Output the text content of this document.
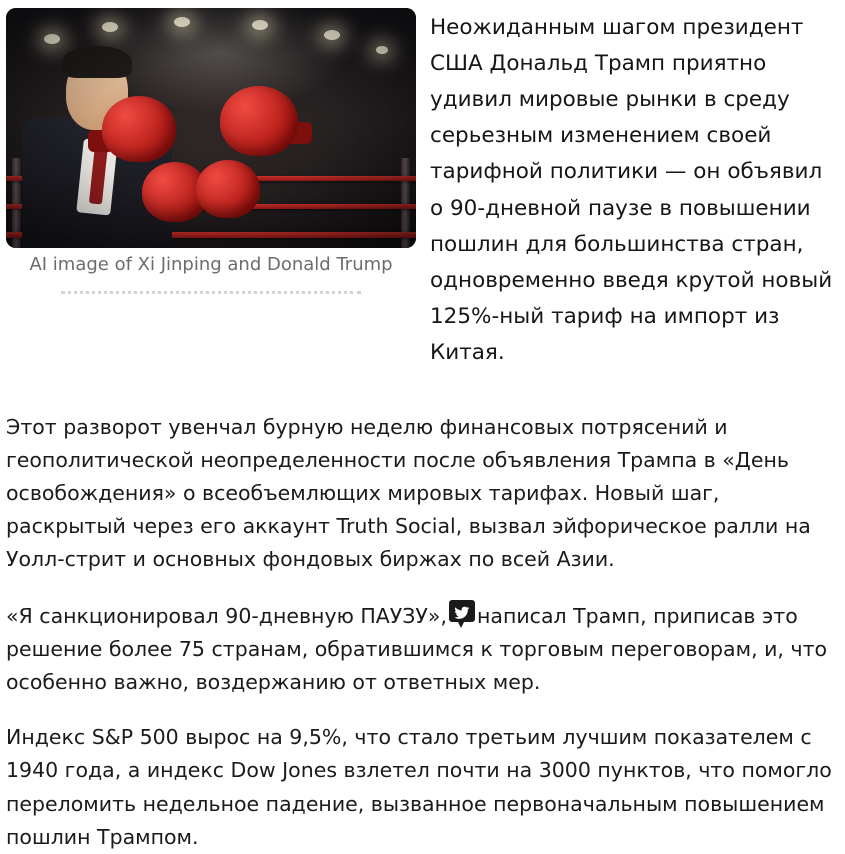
AI image of Xi Jinping and Donald Trump

Неожиданным шагом президент США Дональд Трамп приятно удивил мировые рынки в среду серьезным изменением своей тарифной политики — он объявил о 90-дневной паузе в повышении пошлин для большинства стран, одновременно введя крутой новый 125%-ный тариф на импорт из Китая.

Этот разворот увенчал бурную неделю финансовых потрясений и геополитической неопределенности после объявления Трампа в «День освобождения» о всеобъемлющих мировых тарифах. Новый шаг, раскрытый через его аккаунт Truth Social, вызвал эйфорическое ралли на Уолл-стрит и основных фондовых биржах по всей Азии.

«Я санкционировал 90-дневную ПАУЗУ», написал Трамп, приписав это решение более 75 странам, обратившимся к торговым переговорам, и, что особенно важно, воздержанию от ответных мер.

Индекс S&P 500 вырос на 9,5%, что стало третьим лучшим показателем с 1940 года, а индекс Dow Jones взлетел почти на 3000 пунктов, что помогло переломить недельное падение, вызванное первоначальным повышением пошлин Трампом.
